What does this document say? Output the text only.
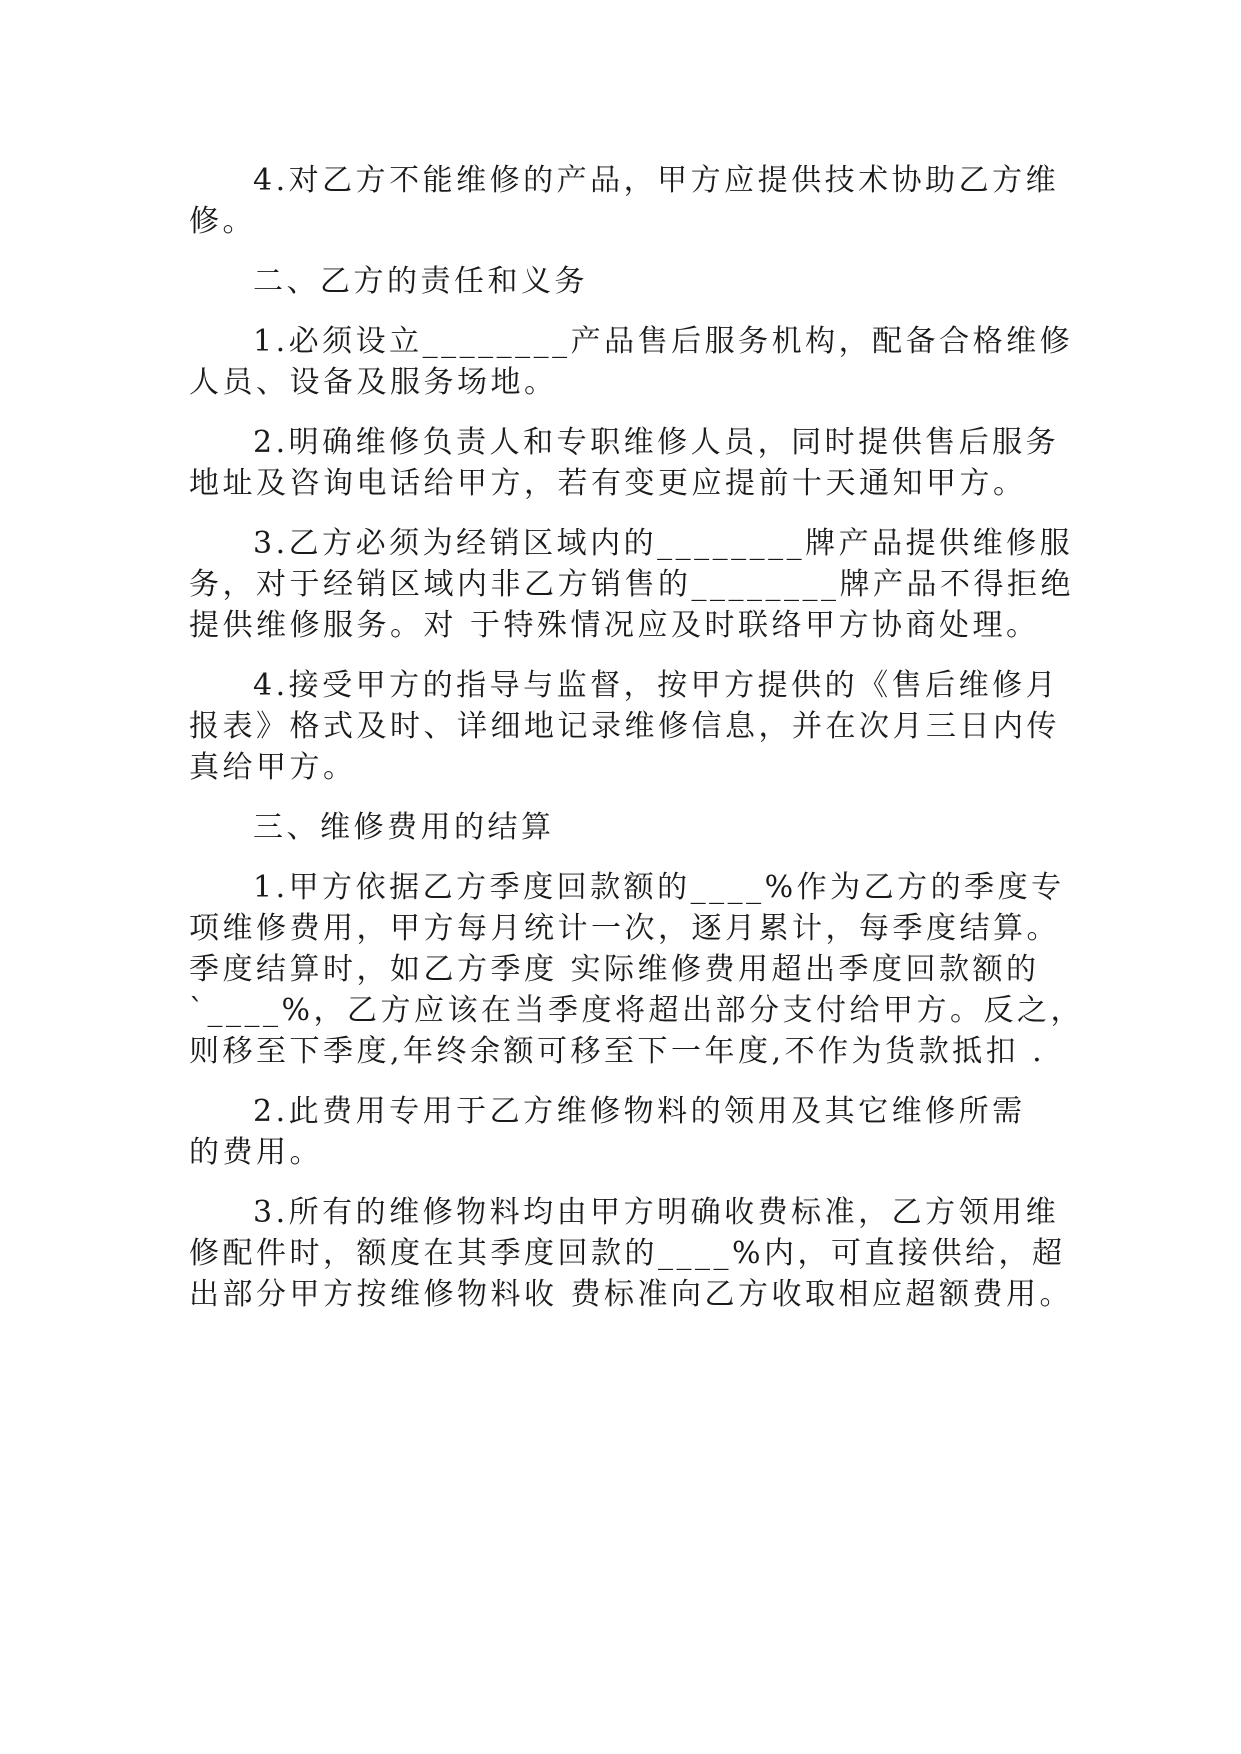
4.对乙方不能维修的产品，甲方应提供技术协助乙方维

修。

二、乙方的责任和义务

1.必须设立________产品售后服务机构，配备合格维修

人员、设备及服务场地。

2.明确维修负责人和专职维修人员，同时提供售后服务

地址及咨询电话给甲方，若有变更应提前十天通知甲方。

3.乙方必须为经销区域内的________牌产品提供维修服

务，对于经销区域内非乙方销售的________牌产品不得拒绝

提供维修服务。对 于特殊情况应及时联络甲方协商处理。

4.接受甲方的指导与监督，按甲方提供的《售后维修月

报表》格式及时、详细地记录维修信息，并在次月三日内传

真给甲方。

三、维修费用的结算

1.甲方依据乙方季度回款额的____%作为乙方的季度专

项维修费用，甲方每月统计一次，逐月累计，每季度结算。

季度结算时，如乙方季度 实际维修费用超出季度回款额的

`____%，乙方应该在当季度将超出部分支付给甲方。反之，

则移至下季度,年终余额可移至下一年度,不作为货款抵扣 .

2.此费用专用于乙方维修物料的领用及其它维修所需

的费用。

3.所有的维修物料均由甲方明确收费标准，乙方领用维

修配件时，额度在其季度回款的____%内，可直接供给，超

出部分甲方按维修物料收 费标准向乙方收取相应超额费用。
